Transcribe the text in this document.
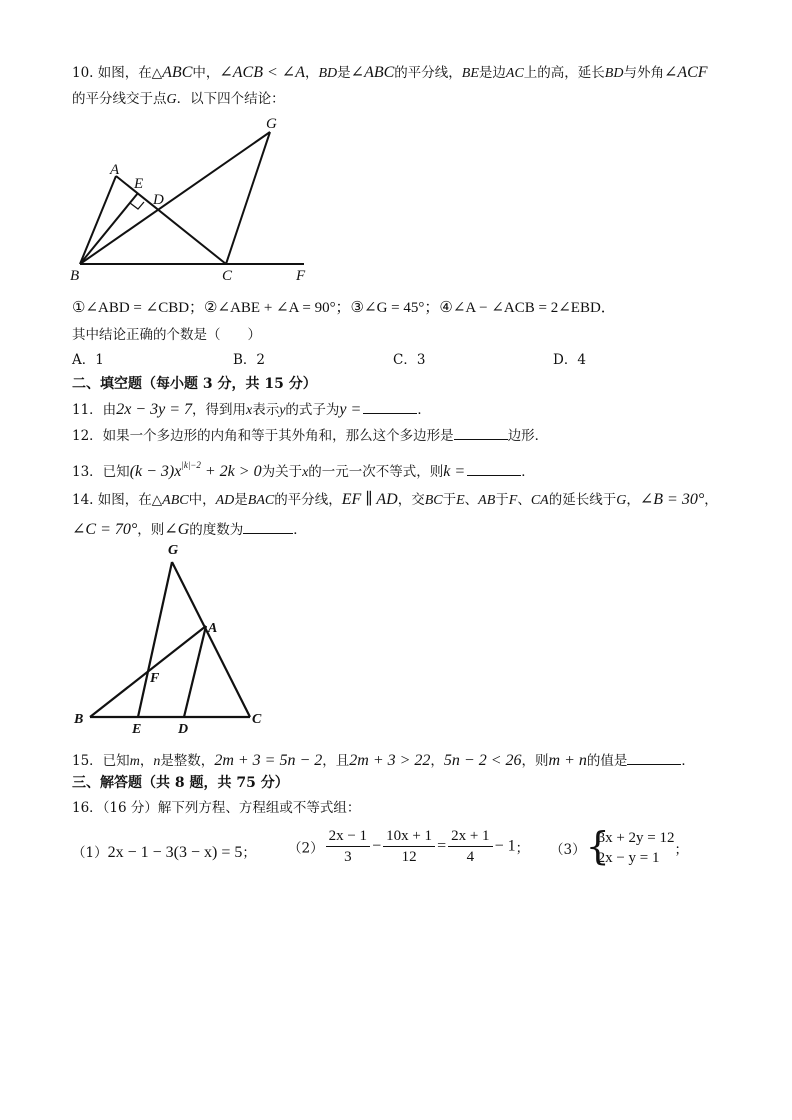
10. 如图，在△ABC中，∠ACB < ∠A，BD是∠ABC的平分线，BE是边AC上的高，延长BD与外角∠ACF
的平分线交于点G．以下四个结论：
A
E
D
G
B	C	F
①∠ABD = ∠CBD；②∠ABE + ∠A = 90°；③∠G = 45°；④∠A − ∠ACB = 2∠EBD．
其中结论正确的个数是（　　）
A．1	B．2	C．3	D．4
二、填空题（每小题 3 分，共 15 分）
11．由2x − 3y = 7，得到用x表示y的式子为y =	．
12．如果一个多边形的内角和等于其外角和，那么这个多边形是	边形．
13．已知$(k - 3)x^{|k|-2} + 2k > 0$为关于x的一元一次不等式，则k =	．
14. 如图，在△ABC中，AD是BAC的平分线，EF ∥ AD，交BC于E、AB于F、CA的延长线于G，∠B = 30°，
∠C = 70°，则∠G的度数为	．
G
A
F
B
E	D
C
15．已知m，n是整数，2m + 3 = 5n − 2，且2m + 3 > 22，5n − 2 < 26，则m + n的值是	．
三、解答题（共 8 题，共 75 分）
16．（16 分）解下列方程、方程组或不等式组：
（1）2x − 1 − 3(3 − x) = 5； $(2) \frac{2x - 1}{3} - \frac{10x + 1}{12} = \frac{2x + 1}{4} - 1$； （3） {
3x + 2y = 12
2x − y = 1	；
